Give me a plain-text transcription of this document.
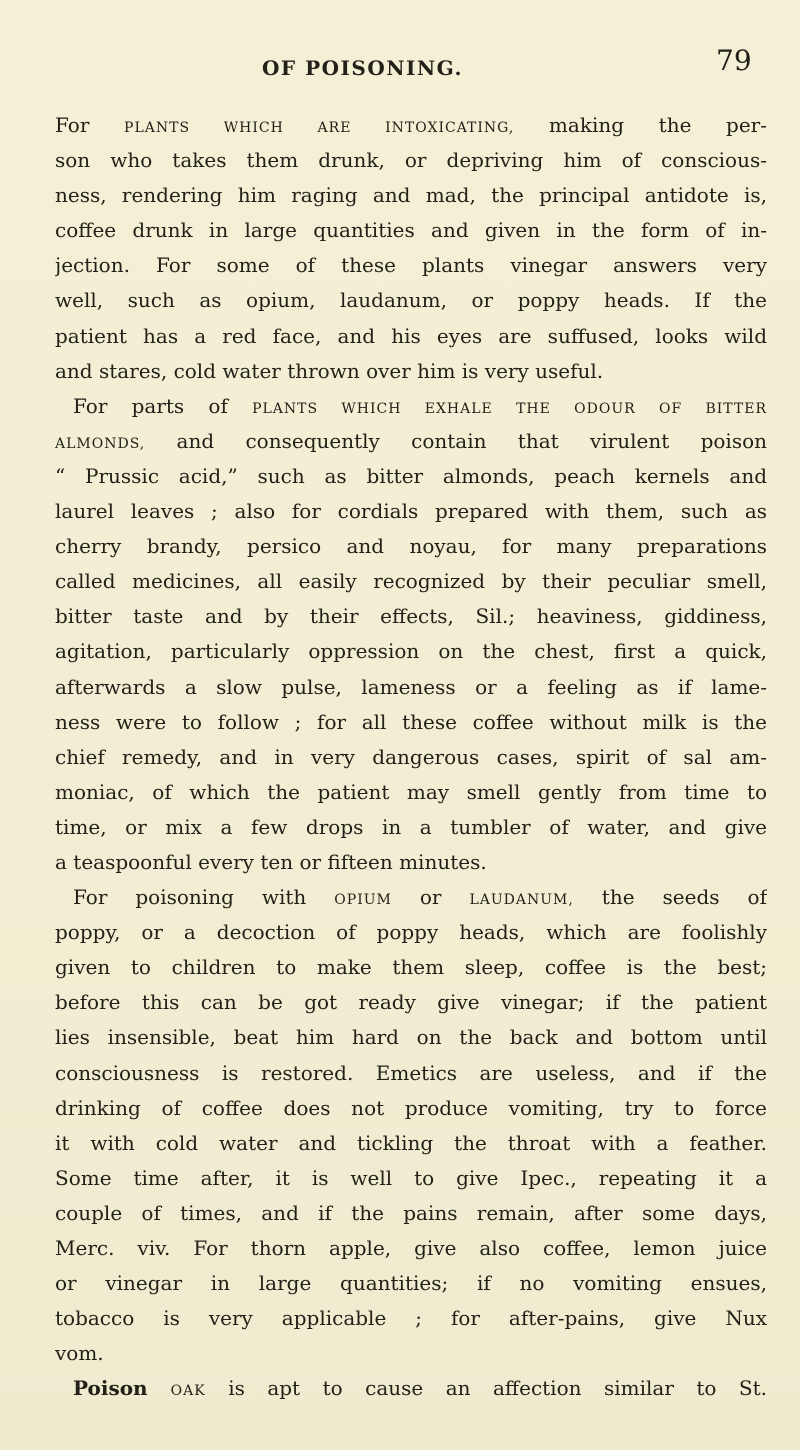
OF POISONING.	79
For PLANTS WHICH ARE INTOXICATING, making the per-
son who takes them drunk, or depriving him of conscious-
ness, rendering him raging and mad, the principal antidote is,
coffee drunk in large quantities and given in the form of in-
jection. For some of these plants vinegar answers very
well, such as opium, laudanum, or poppy heads. If the
patient has a red face, and his eyes are suffused, looks wild
and stares, cold water thrown over him is very useful.
For parts of PLANTS WHICH EXHALE THE ODOUR OF BITTER
ALMONDS, and consequently contain that virulent poison
“ Prussic acid,” such as bitter almonds, peach kernels and
laurel leaves ; also for cordials prepared with them, such as
cherry brandy, persico and noyau, for many preparations
called medicines, all easily recognized by their peculiar smell,
bitter taste and by their effects, Sil.; heaviness, giddiness,
agitation, particularly oppression on the chest, first a quick,
afterwards a slow pulse, lameness or a feeling as if lame-
ness were to follow ; for all these coffee without milk is the
chief remedy, and in very dangerous cases, spirit of sal am-
moniac, of which the patient may smell gently from time to
time, or mix a few drops in a tumbler of water, and give
a teaspoonful every ten or fifteen minutes.
For poisoning with OPIUM or LAUDANUM, the seeds of
poppy, or a decoction of poppy heads, which are foolishly
given to children to make them sleep, coffee is the best;
before this can be got ready give vinegar; if the patient
lies insensible, beat him hard on the back and bottom until
consciousness is restored. Emetics are useless, and if the
drinking of coffee does not produce vomiting, try to force
it with cold water and tickling the throat with a feather.
Some time after, it is well to give Ipec., repeating it a
couple of times, and if the pains remain, after some days,
Merc. viv. For thorn apple, give also coffee, lemon juice
or vinegar in large quantities; if no vomiting ensues,
tobacco is very applicable ; for after-pains, give Nux
vom.
Poison OAK is apt to cause an affection similar to St.
